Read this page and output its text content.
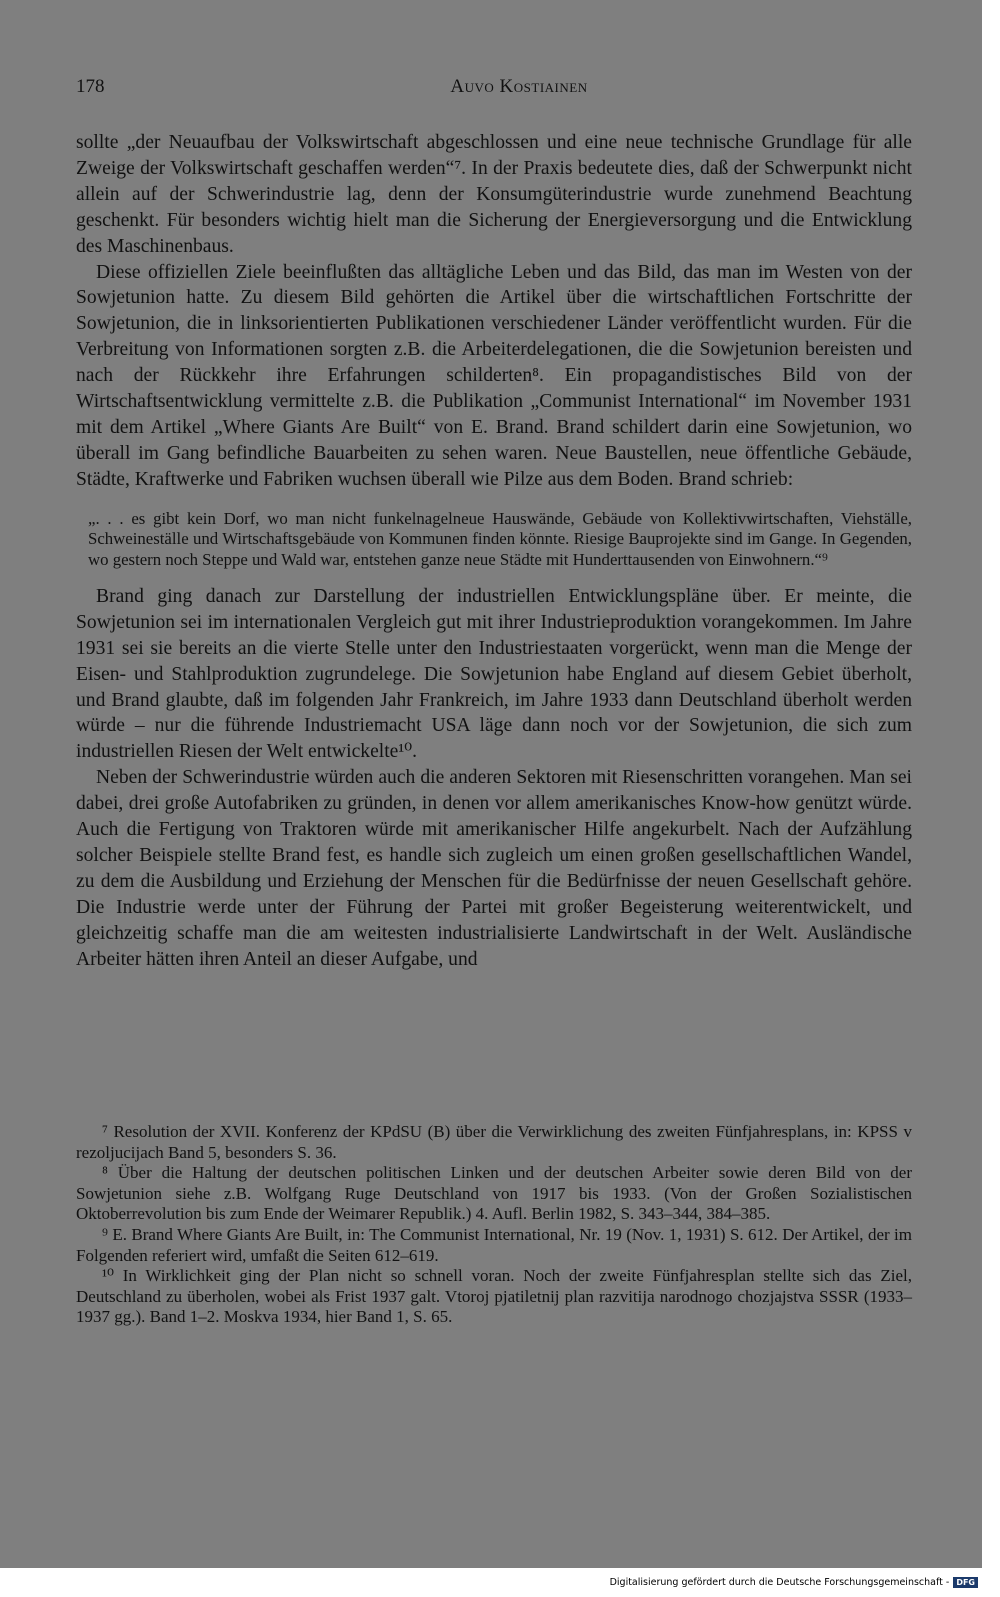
178	Auvo Kostiainen

sollte „der Neuaufbau der Volkswirtschaft abgeschlossen und eine neue technische Grundlage für alle Zweige der Volkswirtschaft geschaffen werden“⁷. In der Praxis bedeutete dies, daß der Schwerpunkt nicht allein auf der Schwerindustrie lag, denn der Konsumgüterindustrie wurde zunehmend Beachtung geschenkt. Für besonders wichtig hielt man die Sicherung der Energieversorgung und die Entwicklung des Maschinenbaus.

Diese offiziellen Ziele beeinflußten das alltägliche Leben und das Bild, das man im Westen von der Sowjetunion hatte. Zu diesem Bild gehörten die Artikel über die wirtschaftlichen Fortschritte der Sowjetunion, die in linksorientierten Publikationen verschiedener Länder veröffentlicht wurden. Für die Verbreitung von Informationen sorgten z.B. die Arbeiterdelegationen, die die Sowjetunion bereisten und nach der Rückkehr ihre Erfahrungen schilderten⁸. Ein propagandistisches Bild von der Wirtschaftsentwicklung vermittelte z.B. die Publikation „Communist International“ im November 1931 mit dem Artikel „Where Giants Are Built“ von E. Brand. Brand schildert darin eine Sowjetunion, wo überall im Gang befindliche Bauarbeiten zu sehen waren. Neue Baustellen, neue öffentliche Gebäude, Städte, Kraftwerke und Fabriken wuchsen überall wie Pilze aus dem Boden. Brand schrieb:

„. . . es gibt kein Dorf, wo man nicht funkelnagelneue Hauswände, Gebäude von Kollektivwirtschaften, Viehställe, Schweineställe und Wirtschaftsgebäude von Kommunen finden könnte. Riesige Bauprojekte sind im Gange. In Gegenden, wo gestern noch Steppe und Wald war, entstehen ganze neue Städte mit Hunderttausenden von Einwohnern.“⁹

Brand ging danach zur Darstellung der industriellen Entwicklungspläne über. Er meinte, die Sowjetunion sei im internationalen Vergleich gut mit ihrer Industrieproduktion vorangekommen. Im Jahre 1931 sei sie bereits an die vierte Stelle unter den Industriestaaten vorgerückt, wenn man die Menge der Eisen- und Stahlproduktion zugrundelege. Die Sowjetunion habe England auf diesem Gebiet überholt, und Brand glaubte, daß im folgenden Jahr Frankreich, im Jahre 1933 dann Deutschland überholt werden würde – nur die führende Industriemacht USA läge dann noch vor der Sowjetunion, die sich zum industriellen Riesen der Welt entwickelte¹⁰.

Neben der Schwerindustrie würden auch die anderen Sektoren mit Riesenschritten vorangehen. Man sei dabei, drei große Autofabriken zu gründen, in denen vor allem amerikanisches Know-how genützt würde. Auch die Fertigung von Traktoren würde mit amerikanischer Hilfe angekurbelt. Nach der Aufzählung solcher Beispiele stellte Brand fest, es handle sich zugleich um einen großen gesellschaftlichen Wandel, zu dem die Ausbildung und Erziehung der Menschen für die Bedürfnisse der neuen Gesellschaft gehöre. Die Industrie werde unter der Führung der Partei mit großer Begeisterung weiterentwickelt, und gleichzeitig schaffe man die am weitesten industrialisierte Landwirtschaft in der Welt. Ausländische Arbeiter hätten ihren Anteil an dieser Aufgabe, und

⁷ Resolution der XVII. Konferenz der KPdSU (B) über die Verwirklichung des zweiten Fünfjahresplans, in: KPSS v rezoljucijach Band 5, besonders S. 36.

⁸ Über die Haltung der deutschen politischen Linken und der deutschen Arbeiter sowie deren Bild von der Sowjetunion siehe z.B. Wolfgang Ruge Deutschland von 1917 bis 1933. (Von der Großen Sozialistischen Oktoberrevolution bis zum Ende der Weimarer Republik.) 4. Aufl. Berlin 1982, S. 343–344, 384–385.

⁹ E. Brand Where Giants Are Built, in: The Communist International, Nr. 19 (Nov. 1, 1931) S. 612. Der Artikel, der im Folgenden referiert wird, umfaßt die Seiten 612–619.

¹⁰ In Wirklichkeit ging der Plan nicht so schnell voran. Noch der zweite Fünfjahresplan stellte sich das Ziel, Deutschland zu überholen, wobei als Frist 1937 galt. Vtoroj pjatiletnij plan razvitija narodnogo chozjajstva SSSR (1933–1937 gg.). Band 1–2. Moskva 1934, hier Band 1, S. 65.

Digitalisierung gefördert durch die Deutsche Forschungsgemeinschaft - DFG
